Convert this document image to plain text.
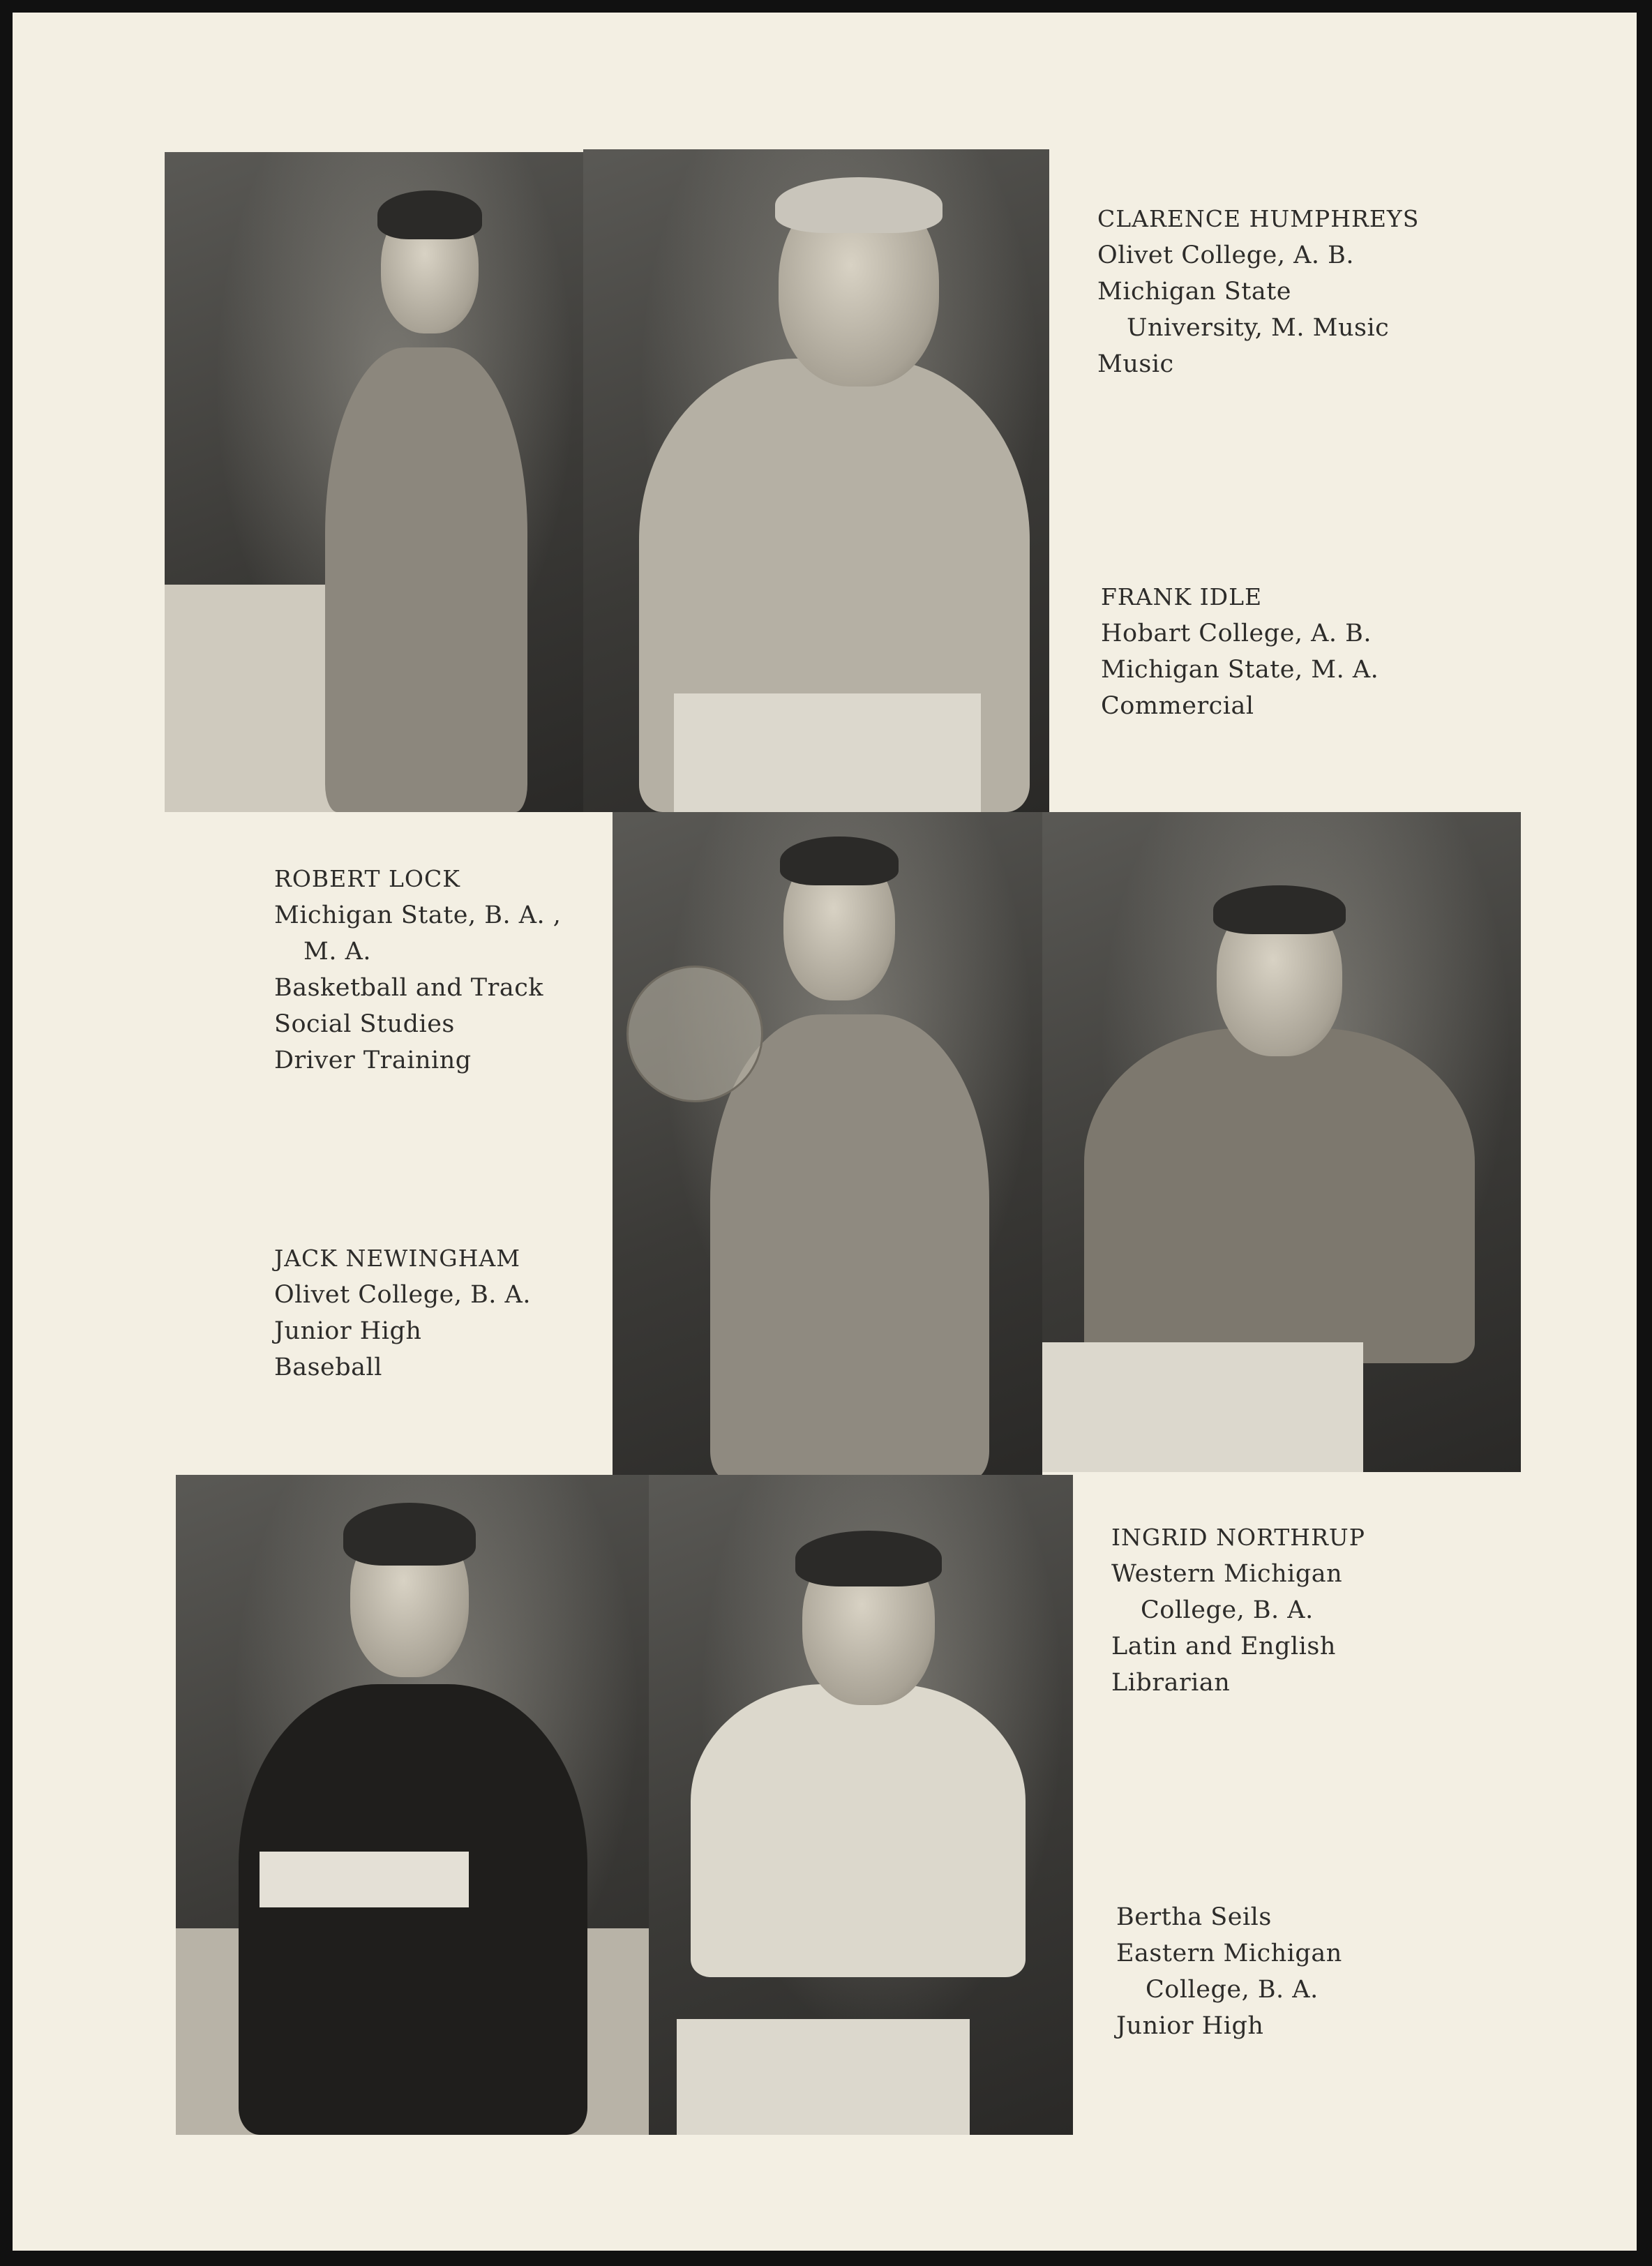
CLARENCE HUMPHREYS
Olivet College, A. B.
Michigan State
University, M. Music
Music
FRANK IDLE
Hobart College, A. B.
Michigan State, M. A.
Commercial
ROBERT LOCK
Michigan State, B. A. ,
M. A.
Basketball and Track
Social Studies
Driver Training
JACK NEWINGHAM
Olivet College, B. A.
Junior High
Baseball
INGRID NORTHRUP
Western Michigan
College, B. A.
Latin and English
Librarian
Bertha Seils
Eastern Michigan
College, B. A.
Junior High
